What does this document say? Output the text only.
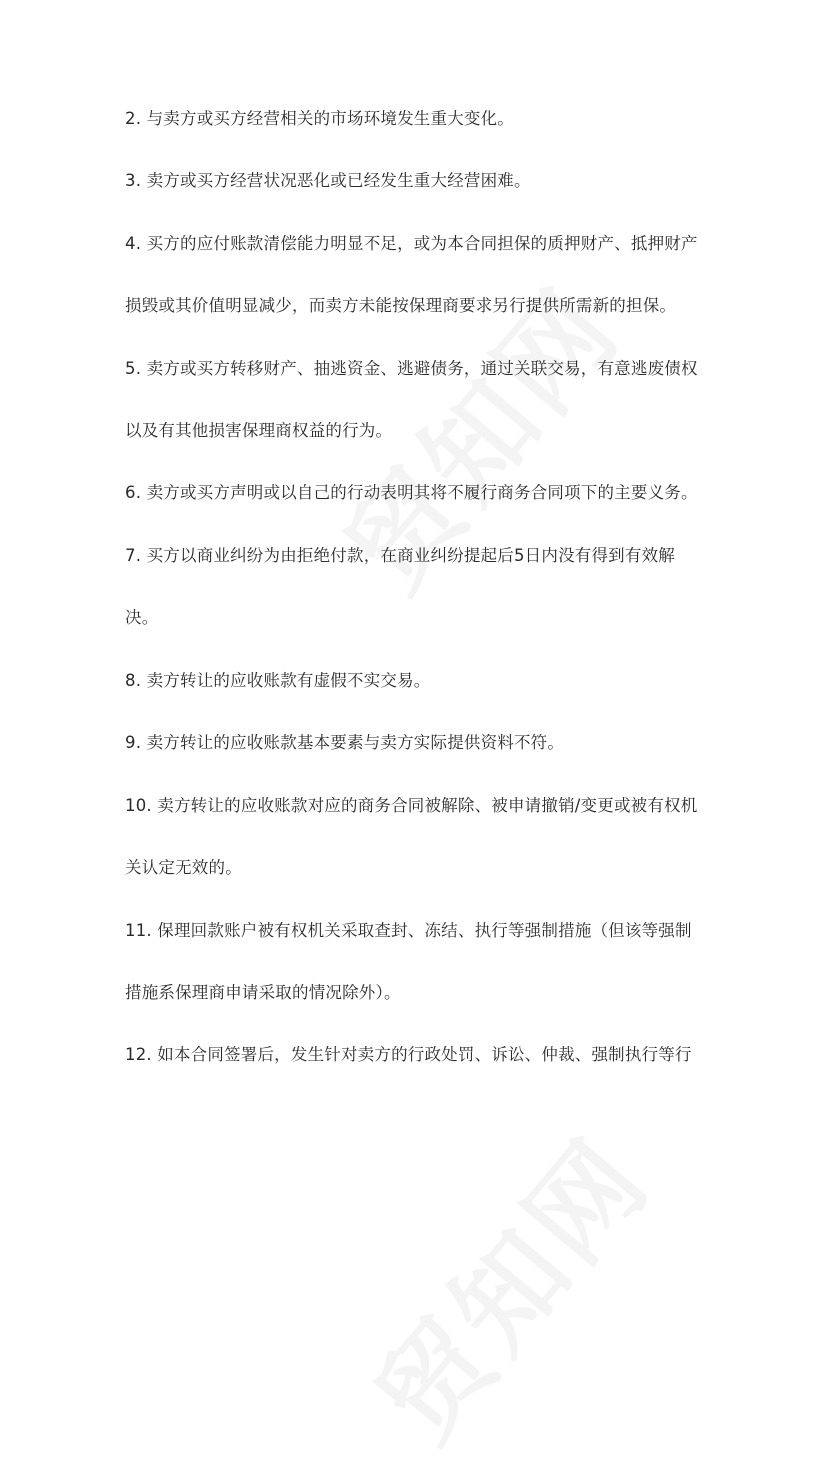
2. 与卖方或买方经营相关的市场环境发生重大变化。
3. 卖方或买方经营状况恶化或已经发生重大经营困难。
4. 买方的应付账款清偿能力明显不足，或为本合同担保的质押财产、抵押财产
损毁或其价值明显减少，而卖方未能按保理商要求另行提供所需新的担保。
5. 卖方或买方转移财产、抽逃资金、逃避债务，通过关联交易，有意逃废债权
以及有其他损害保理商权益的行为。
6. 卖方或买方声明或以自己的行动表明其将不履行商务合同项下的主要义务。
7. 买方以商业纠纷为由拒绝付款，在商业纠纷提起后5日内没有得到有效解
决。
8. 卖方转让的应收账款有虚假不实交易。
9. 卖方转让的应收账款基本要素与卖方实际提供资料不符。
10. 卖方转让的应收账款对应的商务合同被解除、被申请撤销/变更或被有权机
关认定无效的。
11. 保理回款账户被有权机关采取查封、冻结、执行等强制措施（但该等强制
措施系保理商申请采取的情况除外）。
12. 如本合同签署后，发生针对卖方的行政处罚、诉讼、仲裁、强制执行等行
